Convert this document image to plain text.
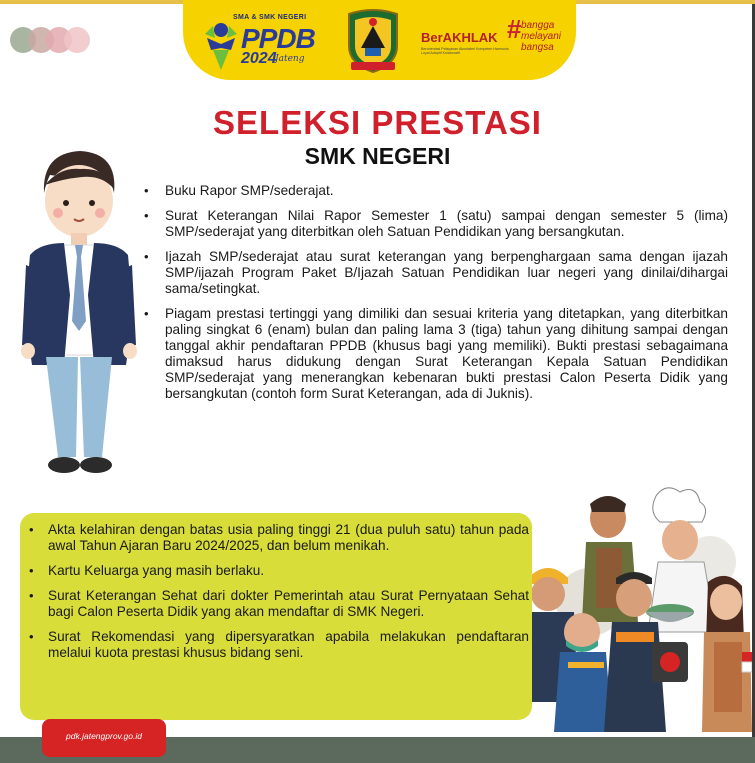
SMA & SMK NEGERI
PPDB
2024
Jateng
BerAKHLAK
Berorientasi Pelayanan Akuntabel Kompeten Harmonis Loyal Adaptif Kolaboratif
# bangga
melayani
bangsa
SELEKSI PRESTASI
SMK NEGERI
• Buku Rapor SMP/sederajat.
• Surat Keterangan Nilai Rapor Semester 1 (satu) sampai dengan semester 5 (lima) SMP/sederajat yang diterbitkan oleh Satuan Pendidikan yang bersangkutan.
• Ijazah SMP/sederajat atau surat keterangan yang berpenghargaan sama dengan ijazah SMP/ijazah Program Paket B/Ijazah Satuan Pendidikan luar negeri yang dinilai/dihargai sama/setingkat.
• Piagam prestasi tertinggi yang dimiliki dan sesuai kriteria yang ditetapkan, yang diterbitkan paling singkat 6 (enam) bulan dan paling lama 3 (tiga) tahun yang dihitung sampai dengan tanggal akhir pendaftaran PPDB (khusus bagi yang memiliki). Bukti prestasi sebagaimana dimaksud harus didukung dengan Surat Keterangan Kepala Satuan Pendidikan SMP/sederajat yang menerangkan kebenaran bukti prestasi Calon Peserta Didik yang bersangkutan (contoh form Surat Keterangan, ada di Juknis).
• Akta kelahiran dengan batas usia paling tinggi 21 (dua puluh satu) tahun pada awal Tahun Ajaran Baru 2024/2025, dan belum menikah.
• Kartu Keluarga yang masih berlaku.
• Surat Keterangan Sehat dari dokter Pemerintah atau Surat Pernyataan Sehat bagi Calon Peserta Didik yang akan mendaftar di SMK Negeri.
• Surat Rekomendasi yang dipersyaratkan apabila melakukan pendaftaran melalui kuota prestasi khusus bidang seni.
pdk.jatengprov.go.id
